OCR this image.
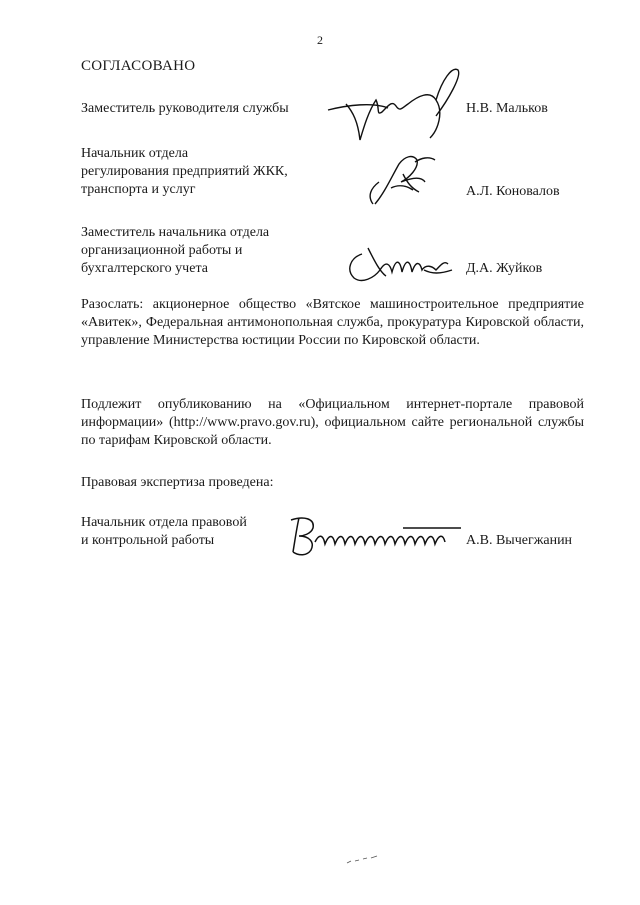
2
СОГЛАСОВАНО
Заместитель руководителя службы	Н.В. Мальков
Начальник отдела
регулирования предприятий ЖКК,
транспорта и услуг	А.Л. Коновалов
Заместитель начальника отдела
организационной работы и
бухгалтерского учета	Д.А. Жуйков
Разослать: акционерное общество «Вятское машиностроительное предприятие «Авитек», Федеральная антимонопольная служба, прокуратура Кировской области, управление Министерства юстиции России по Кировской области.
Подлежит опубликованию на «Официальном интернет-портале правовой информации» (http://www.pravo.gov.ru), официальном сайте региональной службы по тарифам Кировской области.
Правовая экспертиза проведена:
Начальник отдела правовой
и контрольной работы	А.В. Вычегжанин
